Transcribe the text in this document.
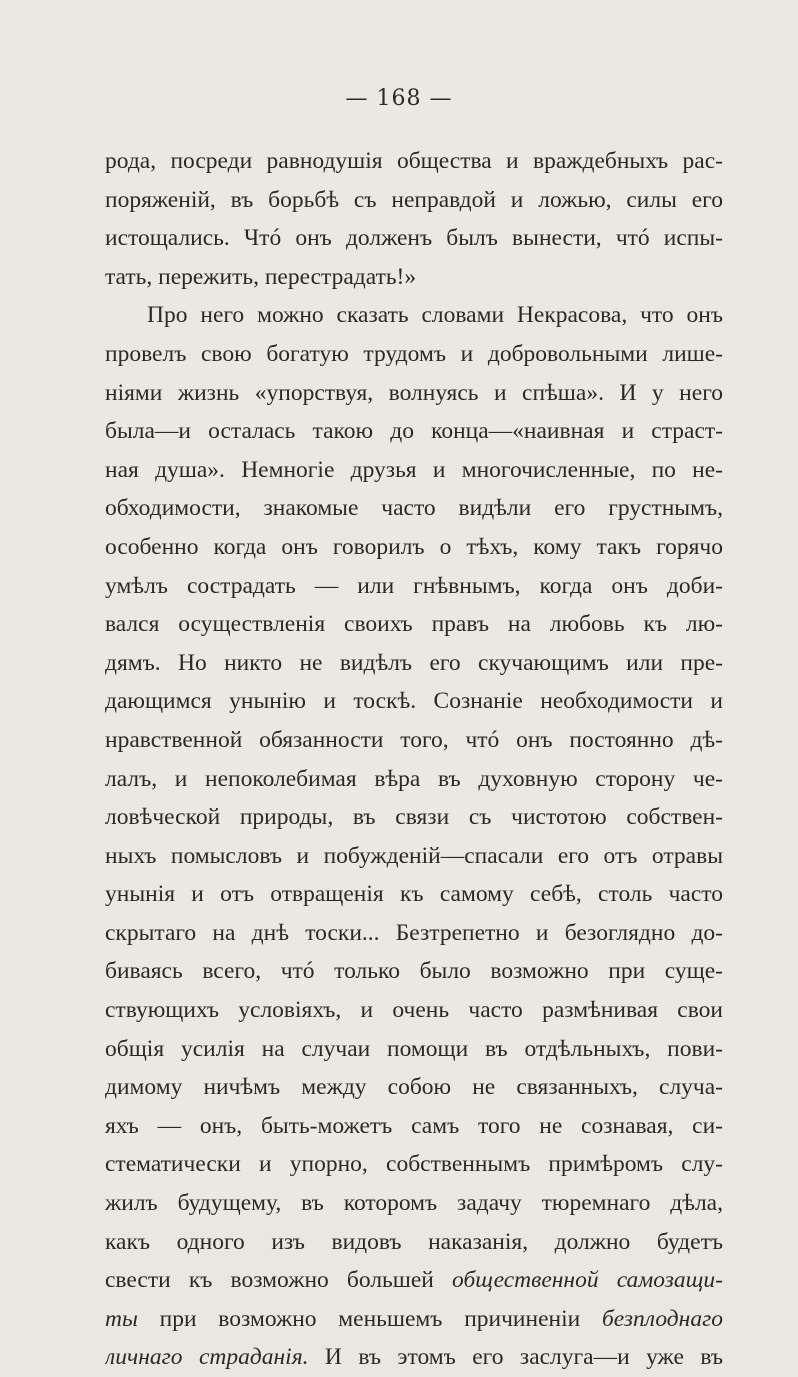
— 168 —
рода, посреди равнодушія общества и враждебныхъ рас-
поряженій, въ борьбѣ съ неправдой и ложью, силы его
истощались. Чтó онъ долженъ былъ вынести, чтó испы-
тать, пережить, перестрадать!»
Про него можно сказать словами Некрасова, что онъ
провелъ свою богатую трудомъ и добровольными лише-
ніями жизнь «упорствуя, волнуясь и спѣша». И у него
была—и осталась такою до конца—«наивная и страст-
ная душа». Немногіе друзья и многочисленные, по не-
обходимости, знакомые часто видѣли его грустнымъ,
особенно когда онъ говорилъ о тѣхъ, кому такъ горячо
умѣлъ сострадать — или гнѣвнымъ, когда онъ доби-
вался осуществленія своихъ правъ на любовь къ лю-
дямъ. Но никто не видѣлъ его скучающимъ или пре-
дающимся унынію и тоскѣ. Сознаніе необходимости и
нравственной обязанности того, чтó онъ постоянно дѣ-
лалъ, и непоколебимая вѣра въ духовную сторону че-
ловѣческой природы, въ связи съ чистотою собствен-
ныхъ помысловъ и побужденій—спасали его отъ отравы
унынія и отъ отвращенія къ самому себѣ, столь часто
скрытаго на днѣ тоски... Безтрепетно и безоглядно до-
биваясь всего, чтó только было возможно при суще-
ствующихъ условіяхъ, и очень часто размѣнивая свои
общія усилія на случаи помощи въ отдѣльныхъ, пови-
димому ничѣмъ между собою не связанныхъ, случа-
яхъ — онъ, быть-можетъ самъ того не сознавая, си-
стематически и упорно, собственнымъ примѣромъ слу-
жилъ будущему, въ которомъ задачу тюремнаго дѣла,
какъ одного изъ видовъ наказанія, должно будетъ
свести къ возможно большей общественной самозащи-
ты при возможно меньшемъ причиненіи безплоднаго
личнаго страданія. И въ этомъ его заслуга—и уже въ
